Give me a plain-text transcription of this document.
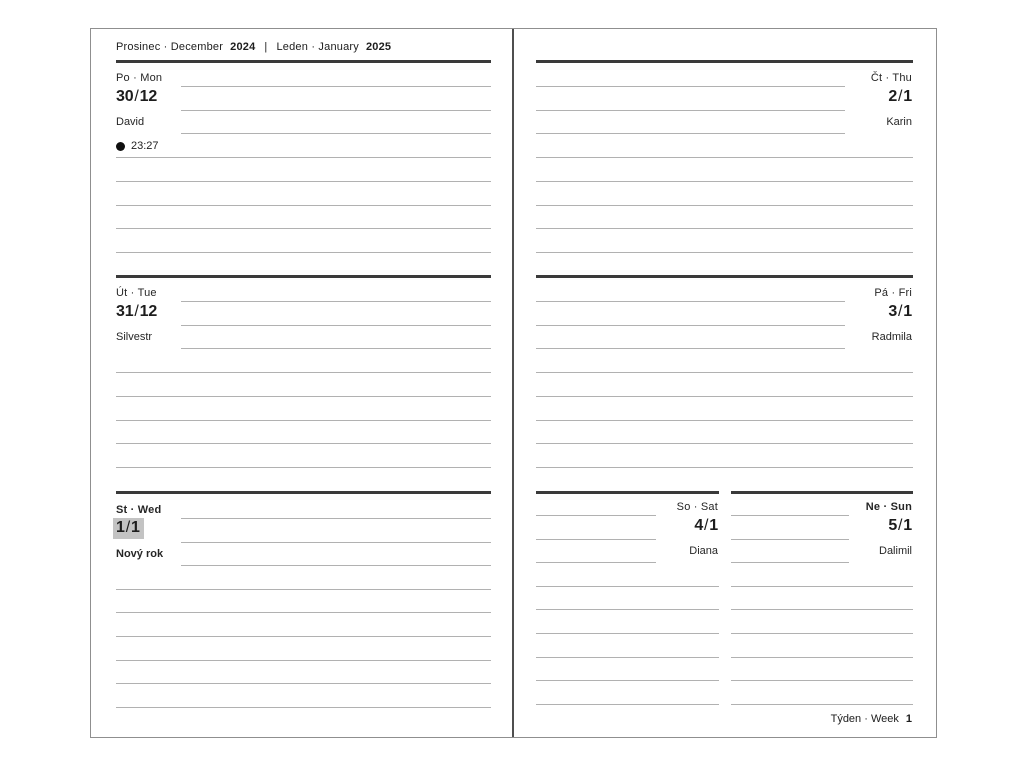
Prosinec · December 2024 | Leden · January 2025
Po · Mon
30/12
David
23:27
Út · Tue
31/12
Silvestr
St · Wed
1/1
Nový rok
Čt · Thu
2/1
Karin
Pá · Fri
3/1
Radmila
So · Sat
4/1
Diana
Ne · Sun
5/1
Dalimil
Týden · Week 1
